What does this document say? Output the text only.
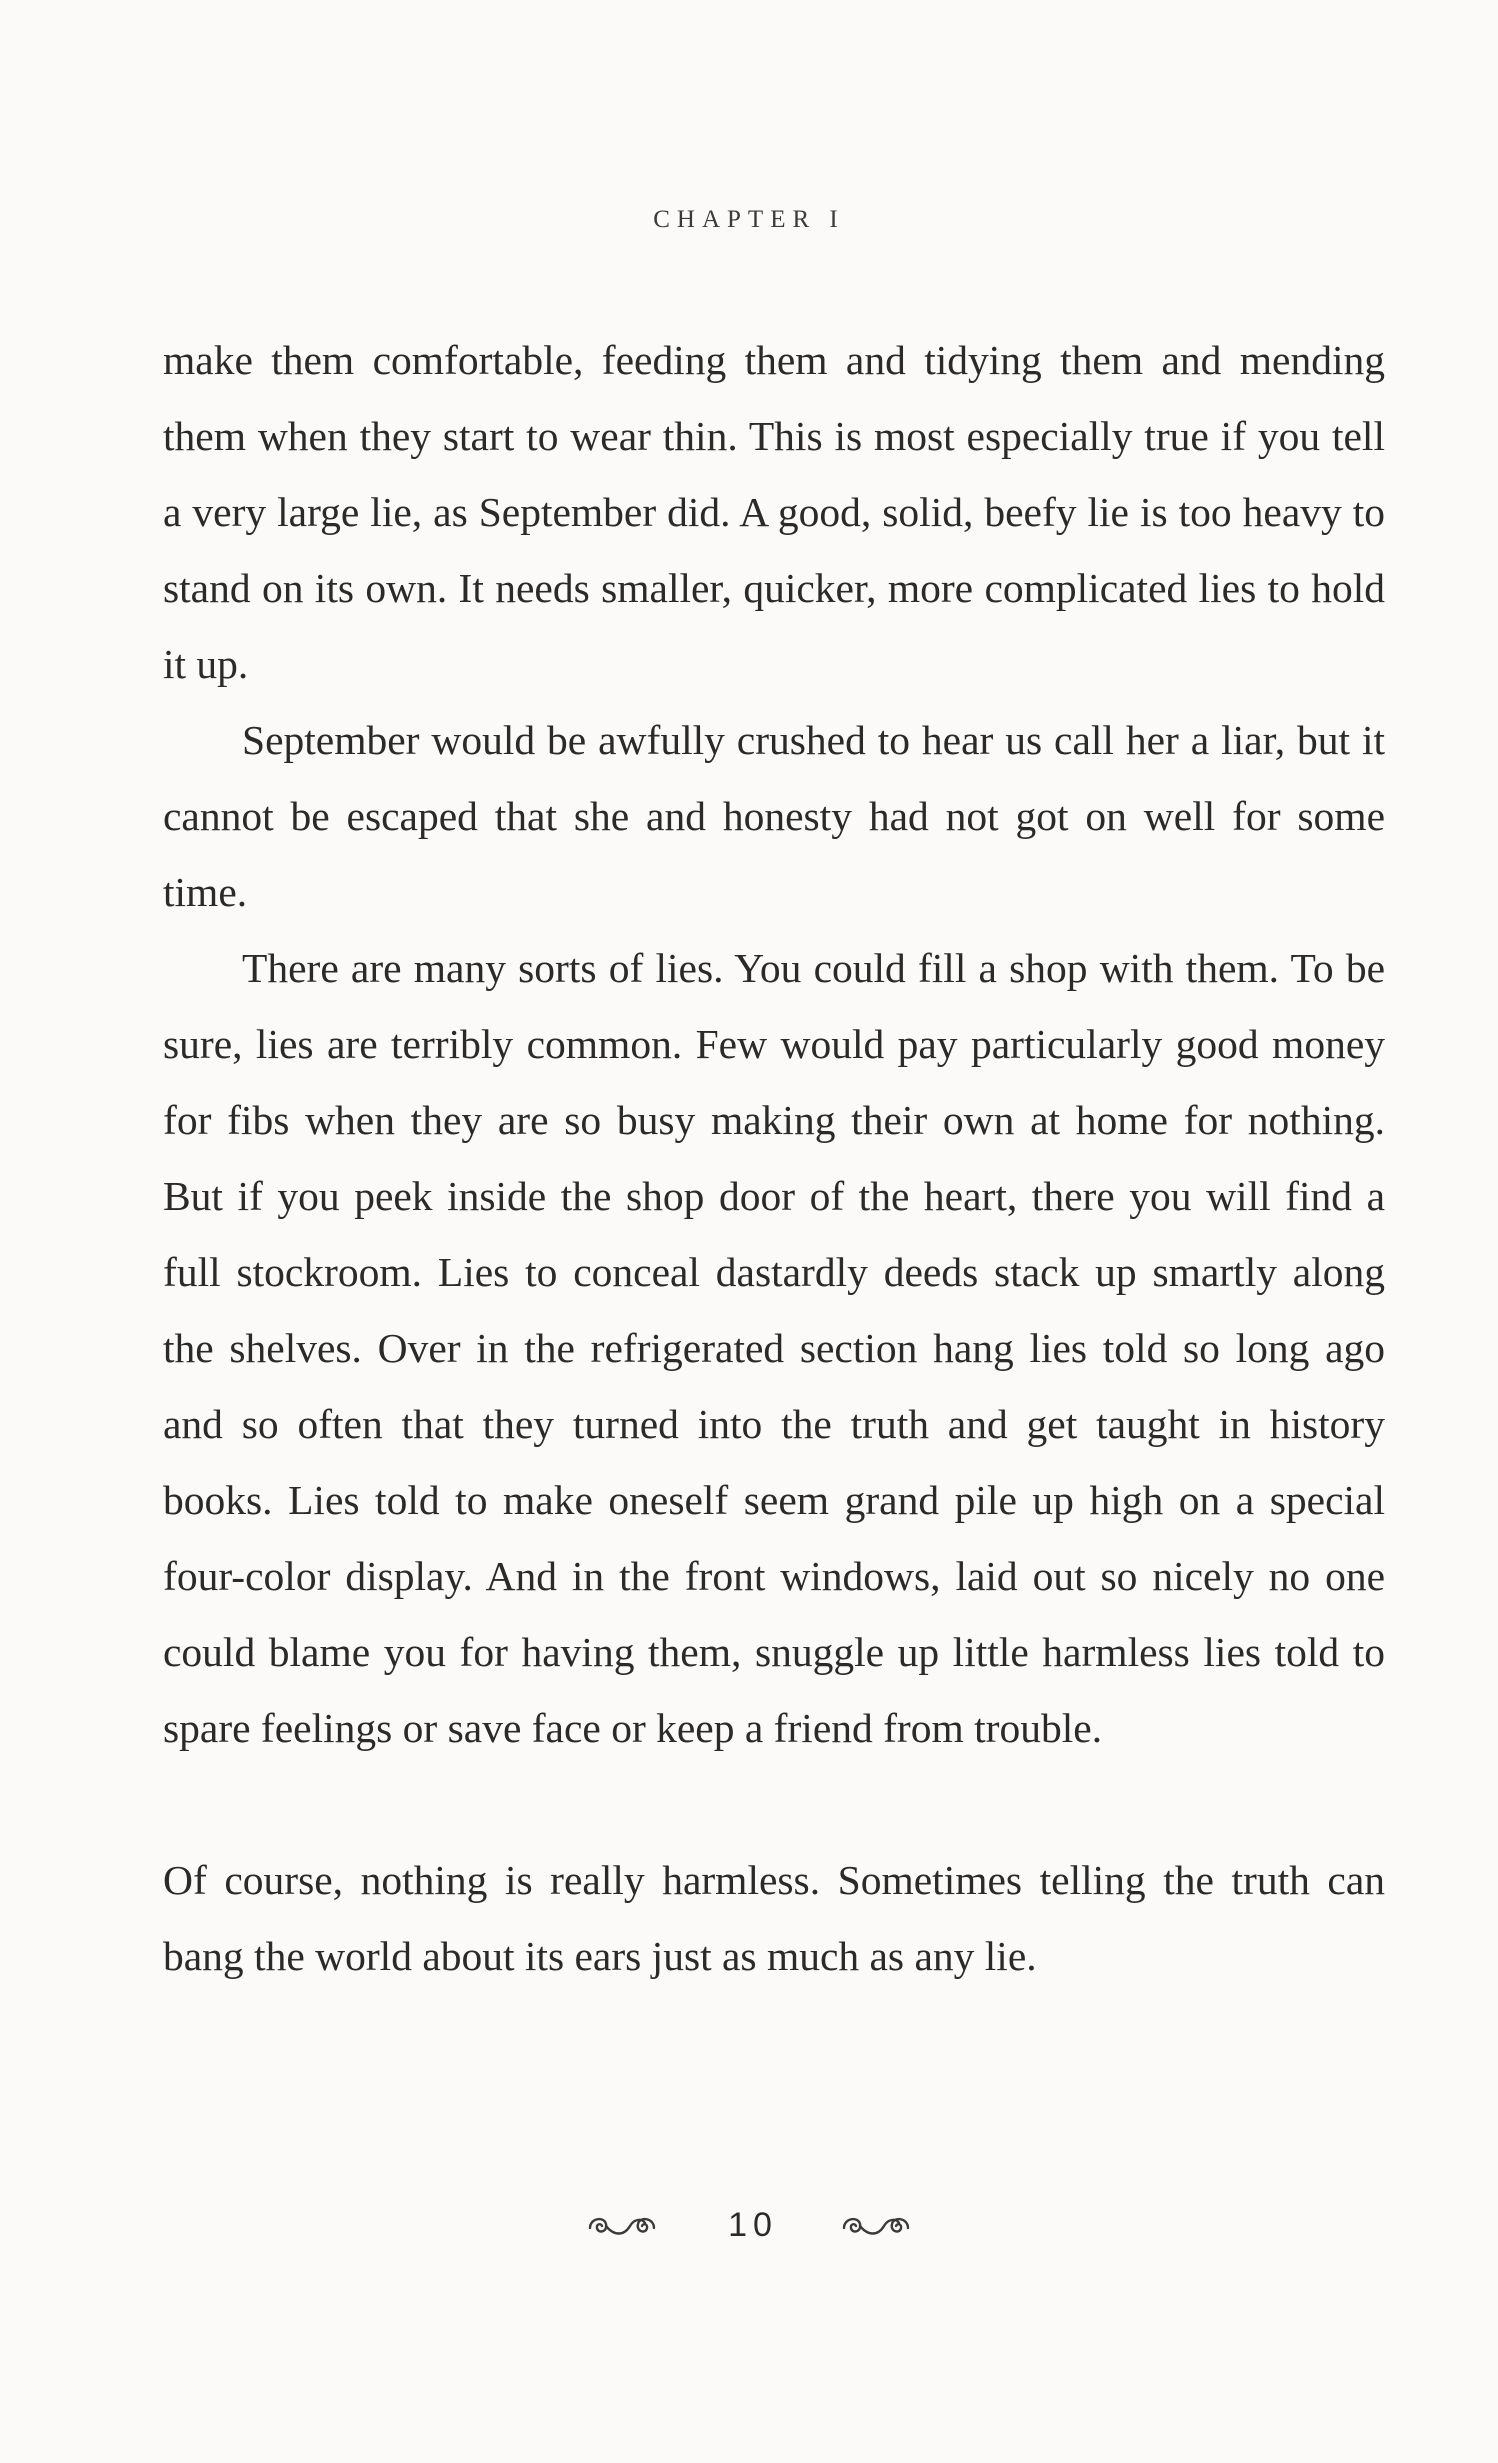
CHAPTER I

make them comfortable, feeding them and tidying them and mending them when they start to wear thin. This is most especially true if you tell a very large lie, as September did. A good, solid, beefy lie is too heavy to stand on its own. It needs smaller, quicker, more complicated lies to hold it up.

September would be awfully crushed to hear us call her a liar, but it cannot be escaped that she and honesty had not got on well for some time.

There are many sorts of lies. You could fill a shop with them. To be sure, lies are terribly common. Few would pay particularly good money for fibs when they are so busy making their own at home for nothing. But if you peek inside the shop door of the heart, there you will find a full stockroom. Lies to conceal dastardly deeds stack up smartly along the shelves. Over in the refrigerated section hang lies told so long ago and so often that they turned into the truth and get taught in history books. Lies told to make oneself seem grand pile up high on a special four-color display. And in the front windows, laid out so nicely no one could blame you for having them, snuggle up little harmless lies told to spare feelings or save face or keep a friend from trouble.

Of course, nothing is really harmless. Sometimes telling the truth can bang the world about its ears just as much as any lie.

10
